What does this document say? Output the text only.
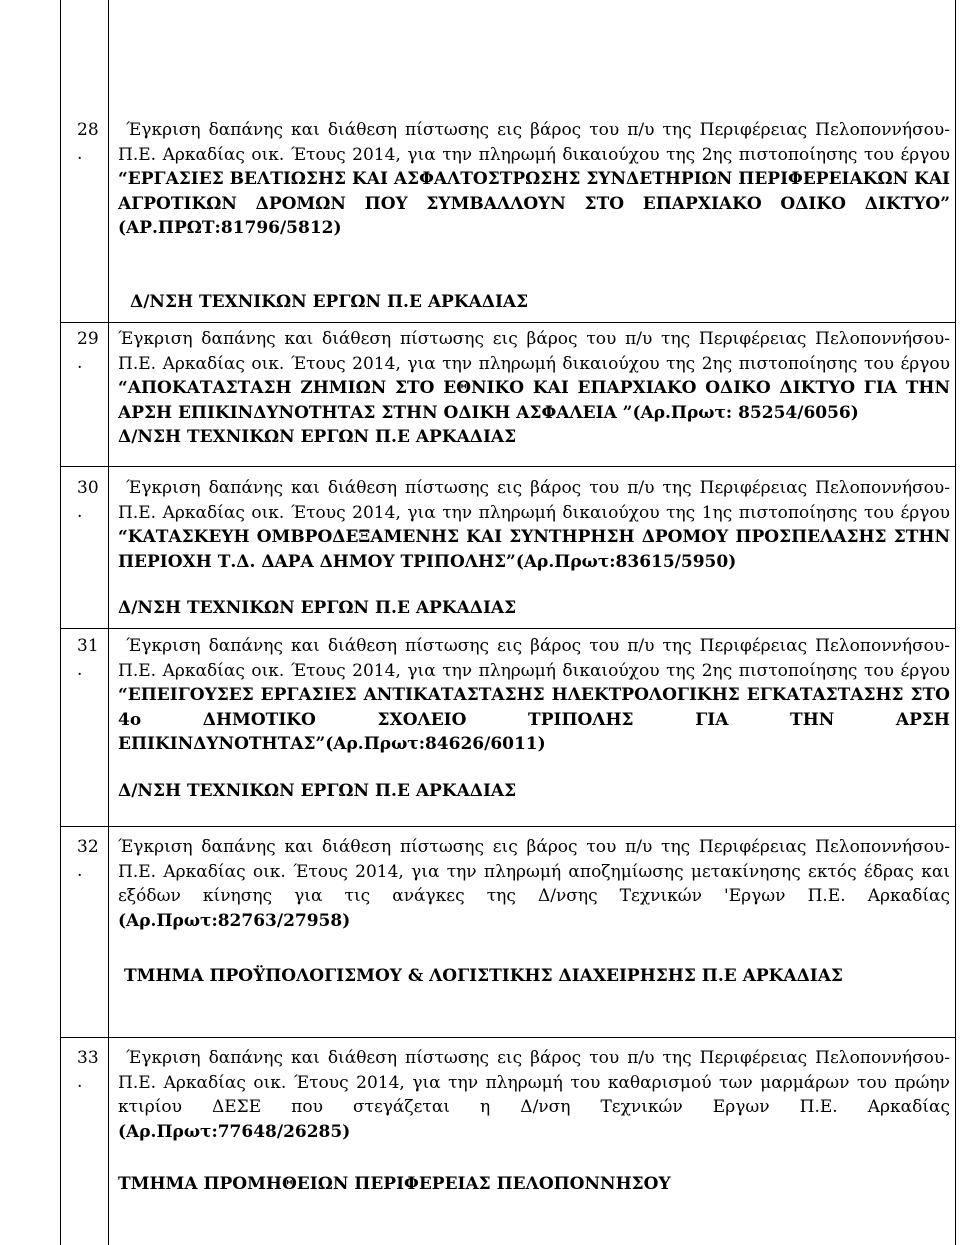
28
.

Έγκριση δαπάνης και διάθεση πίστωσης εις βάρος του π/υ της Περιφέρειας Πελοποννήσου-Π.Ε. Αρκαδίας οικ. Έτους 2014, για την πληρωμή δικαιούχου της 2ης πιστοποίησης του έργου “ΕΡΓΑΣΙΕΣ ΒΕΛΤΙΩΣΗΣ ΚΑΙ ΑΣΦΑΛΤΟΣΤΡΩΣΗΣ ΣΥΝΔΕΤΗΡΙΩΝ ΠΕΡΙΦΕΡΕΙΑΚΩΝ ΚΑΙ ΑΓΡΟΤΙΚΩΝ ΔΡΟΜΩΝ ΠΟΥ ΣΥΜΒΑΛΛΟΥΝ ΣΤΟ ΕΠΑΡΧΙΑΚΟ ΟΔΙΚΟ ΔΙΚΤΥΟ” (ΑΡ.ΠΡΩΤ:81796/5812)

Δ/ΝΣΗ ΤΕΧΝΙΚΩΝ ΕΡΓΩΝ Π.Ε ΑΡΚΑΔΙΑΣ
29
.

Έγκριση δαπάνης και διάθεση πίστωσης εις βάρος του π/υ της Περιφέρειας Πελοποννήσου-Π.Ε. Αρκαδίας οικ. Έτους 2014, για την πληρωμή δικαιούχου της 2ης πιστοποίησης του έργου “ΑΠΟΚΑΤΑΣΤΑΣΗ ΖΗΜΙΩΝ ΣΤΟ ΕΘΝΙΚΟ ΚΑΙ ΕΠΑΡΧΙΑΚΟ ΟΔΙΚΟ ΔΙΚΤΥΟ ΓΙΑ ΤΗΝ ΑΡΣΗ ΕΠΙΚΙΝΔΥΝΟΤΗΤΑΣ ΣΤΗΝ ΟΔΙΚΗ ΑΣΦΑΛΕΙΑ ”(Αρ.Πρωτ: 85254/6056)

Δ/ΝΣΗ ΤΕΧΝΙΚΩΝ ΕΡΓΩΝ Π.Ε ΑΡΚΑΔΙΑΣ

30
.

Έγκριση δαπάνης και διάθεση πίστωσης εις βάρος του π/υ της Περιφέρειας Πελοποννήσου-Π.Ε. Αρκαδίας οικ. Έτους 2014, για την πληρωμή δικαιούχου της 1ης πιστοποίησης του έργου “ΚΑΤΑΣΚΕΥΗ ΟΜΒΡΟΔΕΞΑΜΕΝΗΣ ΚΑΙ ΣΥΝΤΗΡΗΣΗ ΔΡΟΜΟΥ ΠΡΟΣΠΕΛΑΣΗΣ ΣΤΗΝ ΠΕΡΙΟΧΗ Τ.Δ. ΔΑΡΑ ΔΗΜΟΥ ΤΡΙΠΟΛΗΣ”(Αρ.Πρωτ:83615/5950)

Δ/ΝΣΗ ΤΕΧΝΙΚΩΝ ΕΡΓΩΝ Π.Ε ΑΡΚΑΔΙΑΣ
31
.

Έγκριση δαπάνης και διάθεση πίστωσης εις βάρος του π/υ της Περιφέρειας Πελοποννήσου-Π.Ε. Αρκαδίας οικ. Έτους 2014, για την πληρωμή δικαιούχου της 2ης πιστοποίησης του έργου “ΕΠΕΙΓΟΥΣΕΣ ΕΡΓΑΣΙΕΣ ΑΝΤΙΚΑΤΑΣΤΑΣΗΣ ΗΛΕΚΤΡΟΛΟΓΙΚΗΣ ΕΓΚΑΤΑΣΤΑΣΗΣ ΣΤΟ 4ο ΔΗΜΟΤΙΚΟ ΣΧΟΛΕΙΟ ΤΡΙΠΟΛΗΣ ΓΙΑ ΤΗΝ ΑΡΣΗ ΕΠΙΚΙΝΔΥΝΟΤΗΤΑΣ”(Αρ.Πρωτ:84626/6011)

Δ/ΝΣΗ ΤΕΧΝΙΚΩΝ ΕΡΓΩΝ Π.Ε ΑΡΚΑΔΙΑΣ
32
.

Έγκριση δαπάνης και διάθεση πίστωσης εις βάρος του π/υ της Περιφέρειας Πελοποννήσου-Π.Ε. Αρκαδίας οικ. Έτους 2014, για την πληρωμή αποζημίωσης μετακίνησης εκτός έδρας και εξόδων κίνησης για τις ανάγκες της Δ/νσης Τεχνικών 'Εργων Π.Ε. Αρκαδίας (Αρ.Πρωτ:82763/27958)

ΤΜΗΜΑ ΠΡΟΫΠΟΛΟΓΙΣΜΟΥ & ΛΟΓΙΣΤΙΚΗΣ ΔΙΑΧΕΙΡΗΣΗΣ Π.Ε ΑΡΚΑΔΙΑΣ
33
.

Έγκριση δαπάνης και διάθεση πίστωσης εις βάρος του π/υ της Περιφέρειας Πελοποννήσου-Π.Ε. Αρκαδίας οικ. Έτους 2014, για την πληρωμή του καθαρισμού των μαρμάρων του πρώην κτιρίου ΔΕΣΕ που στεγάζεται η Δ/νση Τεχνικών Εργων Π.Ε. Αρκαδίας (Αρ.Πρωτ:77648/26285)

ΤΜΗΜΑ ΠΡΟΜΗΘΕΙΩΝ ΠΕΡΙΦΕΡΕΙΑΣ ΠΕΛΟΠΟΝΝΗΣΟΥ
